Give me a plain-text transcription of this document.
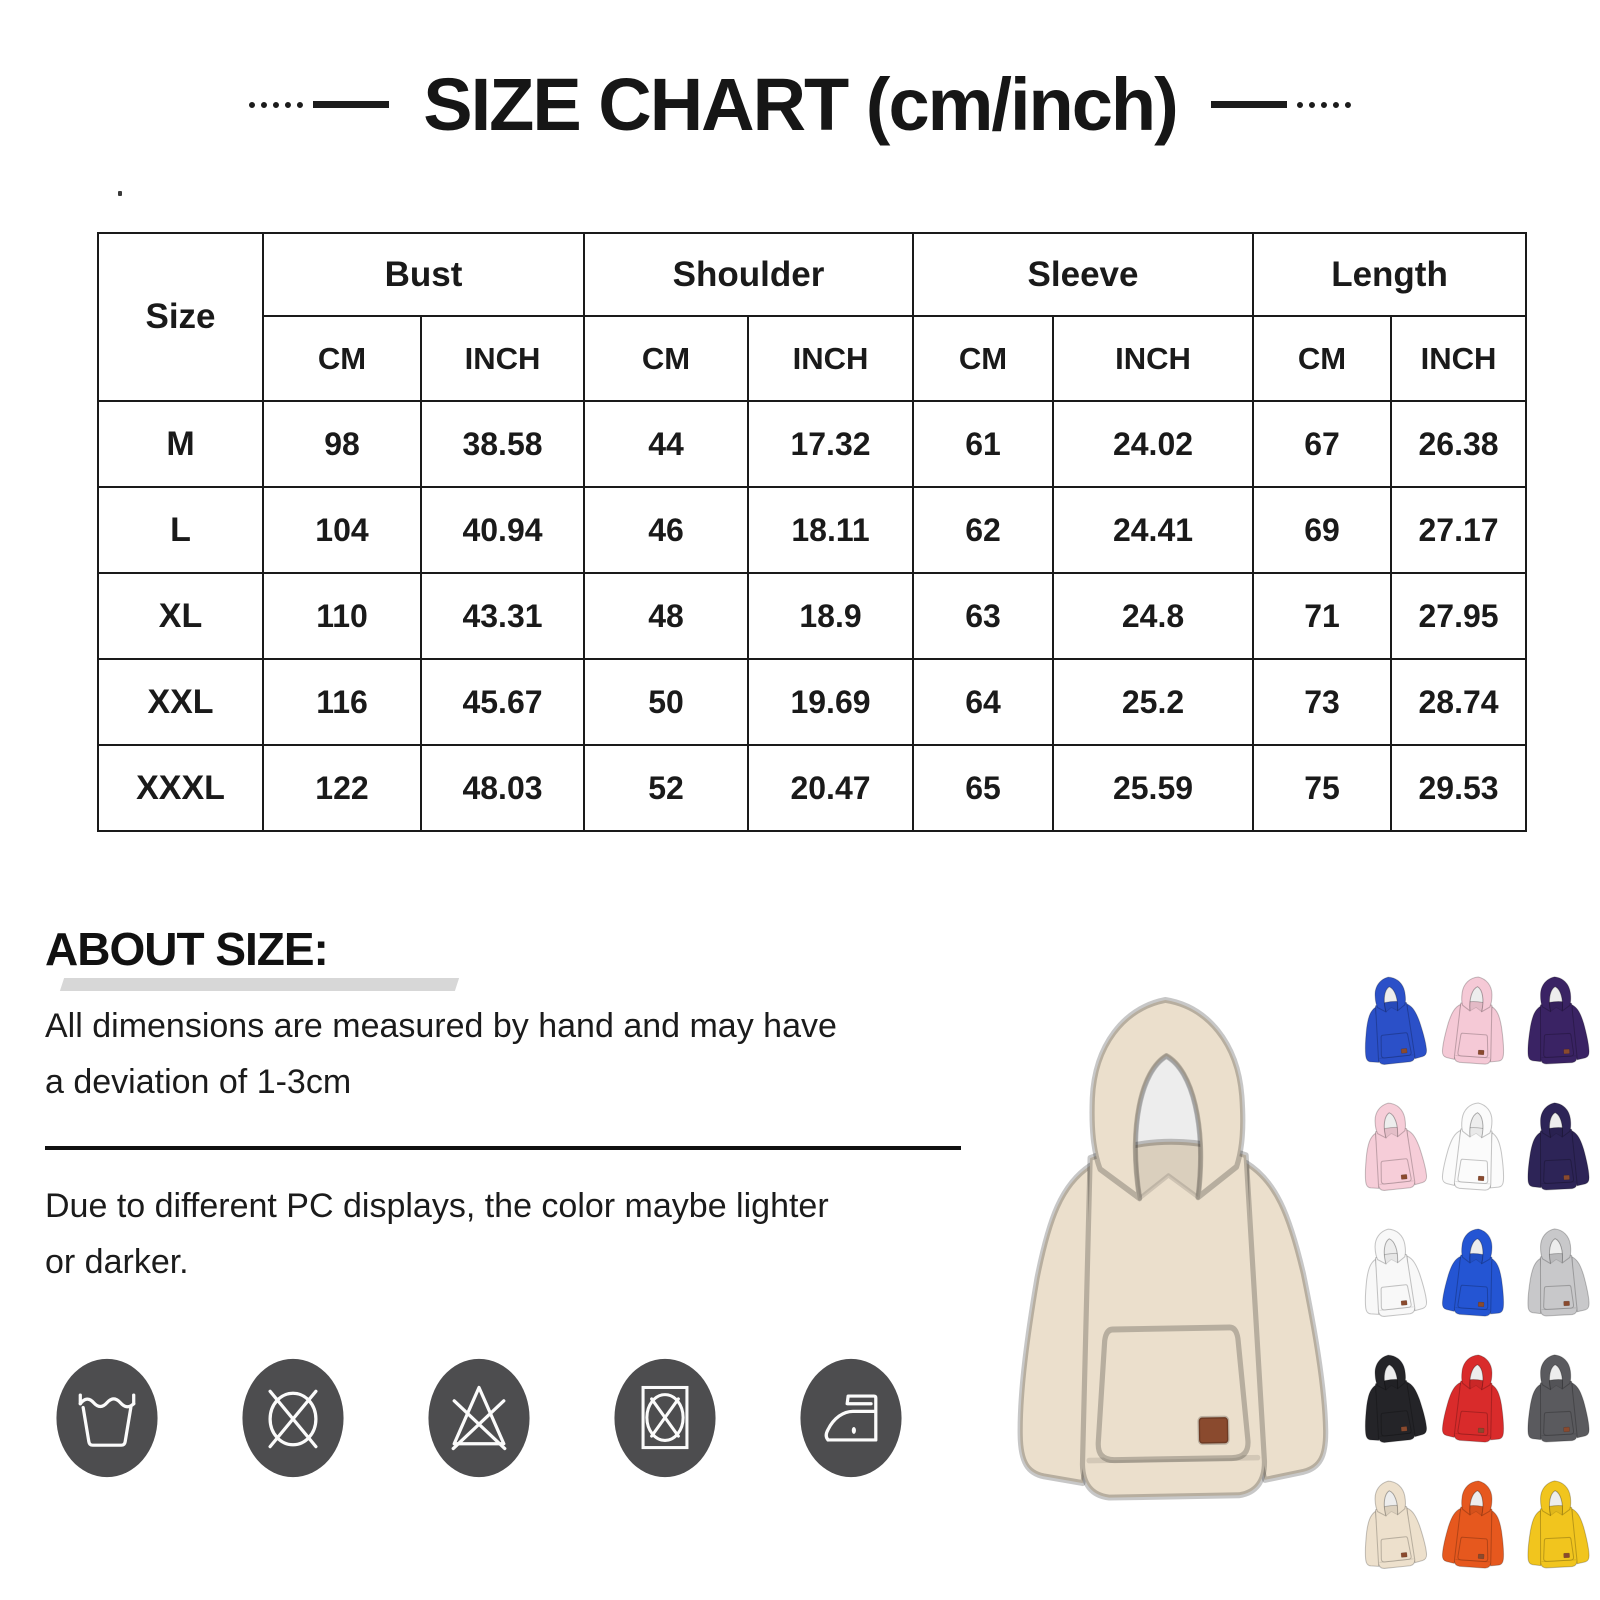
SIZE CHART (cm/inch)
Size	Bust		Shoulder		Sleeve		Length	
	CM	INCH	CM	INCH	CM	INCH	CM	INCH
M	98	38.58	44	17.32	61	24.02	67	26.38
L	104	40.94	46	18.11	62	24.41	69	27.17
XL	110	43.31	48	18.9	63	24.8	71	27.95
XXL	116	45.67	50	19.69	64	25.2	73	28.74
XXXL	122	48.03	52	20.47	65	25.59	75	29.53
ABOUT SIZE:
All dimensions are measured by hand and may have
a deviation of 1-3cm
Due to different PC displays, the color maybe lighter
or darker.
